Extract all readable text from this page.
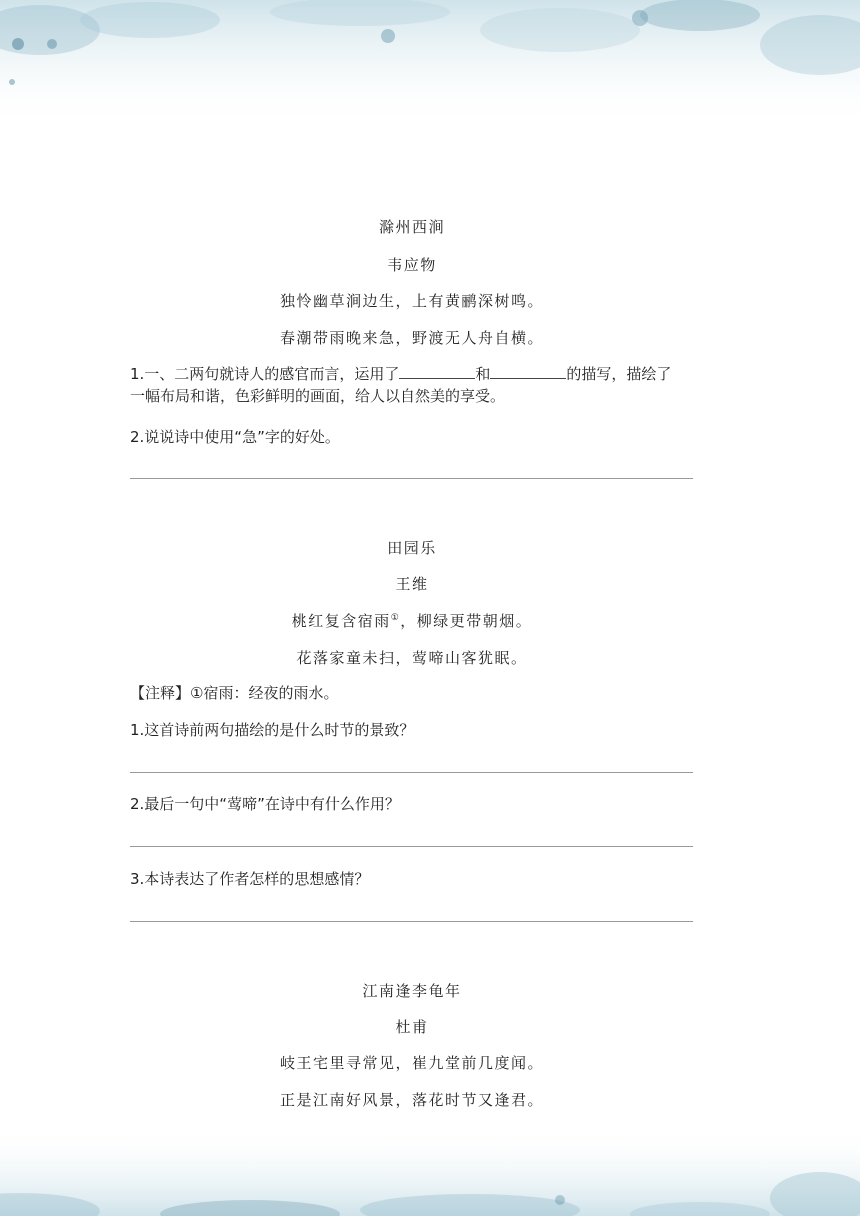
滁州西涧
韦应物
独怜幽草涧边生，上有黄鹂深树鸣。
春潮带雨晚来急，野渡无人舟自横。
1.一、二两句就诗人的感官而言，运用了	和	的描写，描绘了
一幅布局和谐，色彩鲜明的画面，给人以自然美的享受。
2.说说诗中使用“急”字的好处。
田园乐
王维
桃红复含宿雨①，柳绿更带朝烟。
花落家童未扫，莺啼山客犹眠。
【注释】①宿雨：经夜的雨水。
1.这首诗前两句描绘的是什么时节的景致？
2.最后一句中“莺啼”在诗中有什么作用？
3.本诗表达了作者怎样的思想感情？
江南逢李龟年
杜甫
岐王宅里寻常见，崔九堂前几度闻。
正是江南好风景，落花时节又逢君。
